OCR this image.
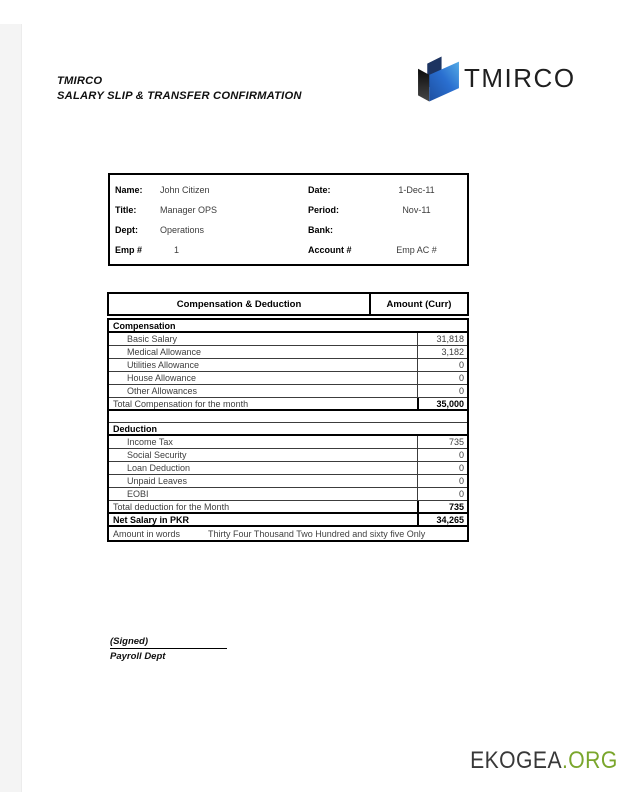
TMIRCO
SALARY SLIP & TRANSFER CONFIRMATION
TMIRCO
Name:	John Citizen	Date:	1-Dec-11
Title:	Manager OPS	Period:	Nov-11
Dept:	Operations	Bank:
Emp #	1	Account #	Emp AC #
Compensation & Deduction	Amount (Curr)
Compensation
Basic Salary	31,818
Medical Allowance	3,182
Utilities Allowance	0
House Allowance	0
Other Allowances	0
Total Compensation for the month	35,000
Deduction
Income Tax	735
Social Security	0
Loan Deduction	0
Unpaid Leaves	0
EOBI	0
Total deduction for the Month	735
Net Salary in PKR	34,265
Amount in words	Thirty Four Thousand Two Hundred and sixty five Only
(Signed)
Payroll Dept
EKOGEA.ORG
